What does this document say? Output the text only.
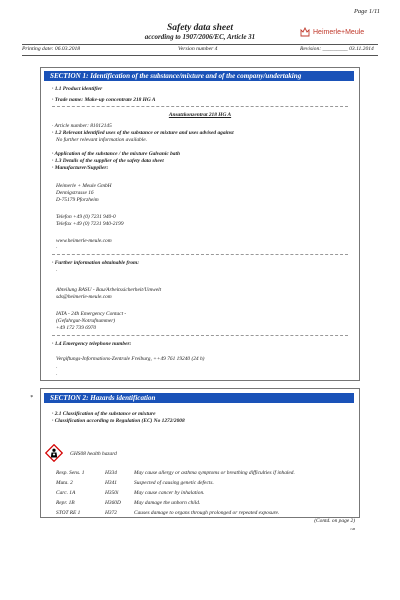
Page 1/11
Safety data sheet
according to 1907/2006/EC, Article 31
Heimerle+Meule
Printing date: 06.03.2018	Version number 4	Revision: _________ 03.11.2014
SECTION 1: Identification of the substance/mixture and of the company/undertaking
· 1.1 Product identifier
· Trade name: Make-up concentrate 218 HG A
Ansatzkonzentrat 218 HG A
· Article number: 81012145
· 1.2 Relevant identified uses of the substance or mixture and uses advised against
No further relevant information available.
· Application of the substance / the mixture Galvanic bath
· 1.3 Details of the supplier of the safety data sheet
· Manufacturer/Supplier:
Heimerle + Meule GmbH
Dennigstrasse 16
D-75179 Pforzheim
Telefon +49 (0) 7231 940-0
Telefax +49 (0) 7231 940-2199
www.heimerle-meule.com
·
· Further information obtainable from:
·
Abteilung BASU - Bau/Arbeitssicherheit/Umwelt
sds@heimerle-meule.com
IATA - 24h Emergency Contact -
(Gefahrgut-Notrufnummer)
+49 172 739 6970
· 1.4 Emergency telephone number:
Vergiftungs-Informations-Zentrale Freiburg, ++49 761 19240 (24 h)
·
·
*	SECTION 2: Hazards identification
· 2.1 Classification of the substance or mixture
· Classification according to Regulation (EC) No 1272/2008
GHS08 health hazard
Resp. Sens. 1	H334	May cause allergy or asthma symptoms or breathing difficulties if inhaled.
Muta. 2	H341	Suspected of causing genetic defects.
Carc. 1A	H350i	May cause cancer by inhalation.
Repr. 1B	H360D May damage the unborn child.
STOT RE 1	H372	Causes damage to organs through prolonged or repeated exposure.
(Contd. on page 2)
GB
